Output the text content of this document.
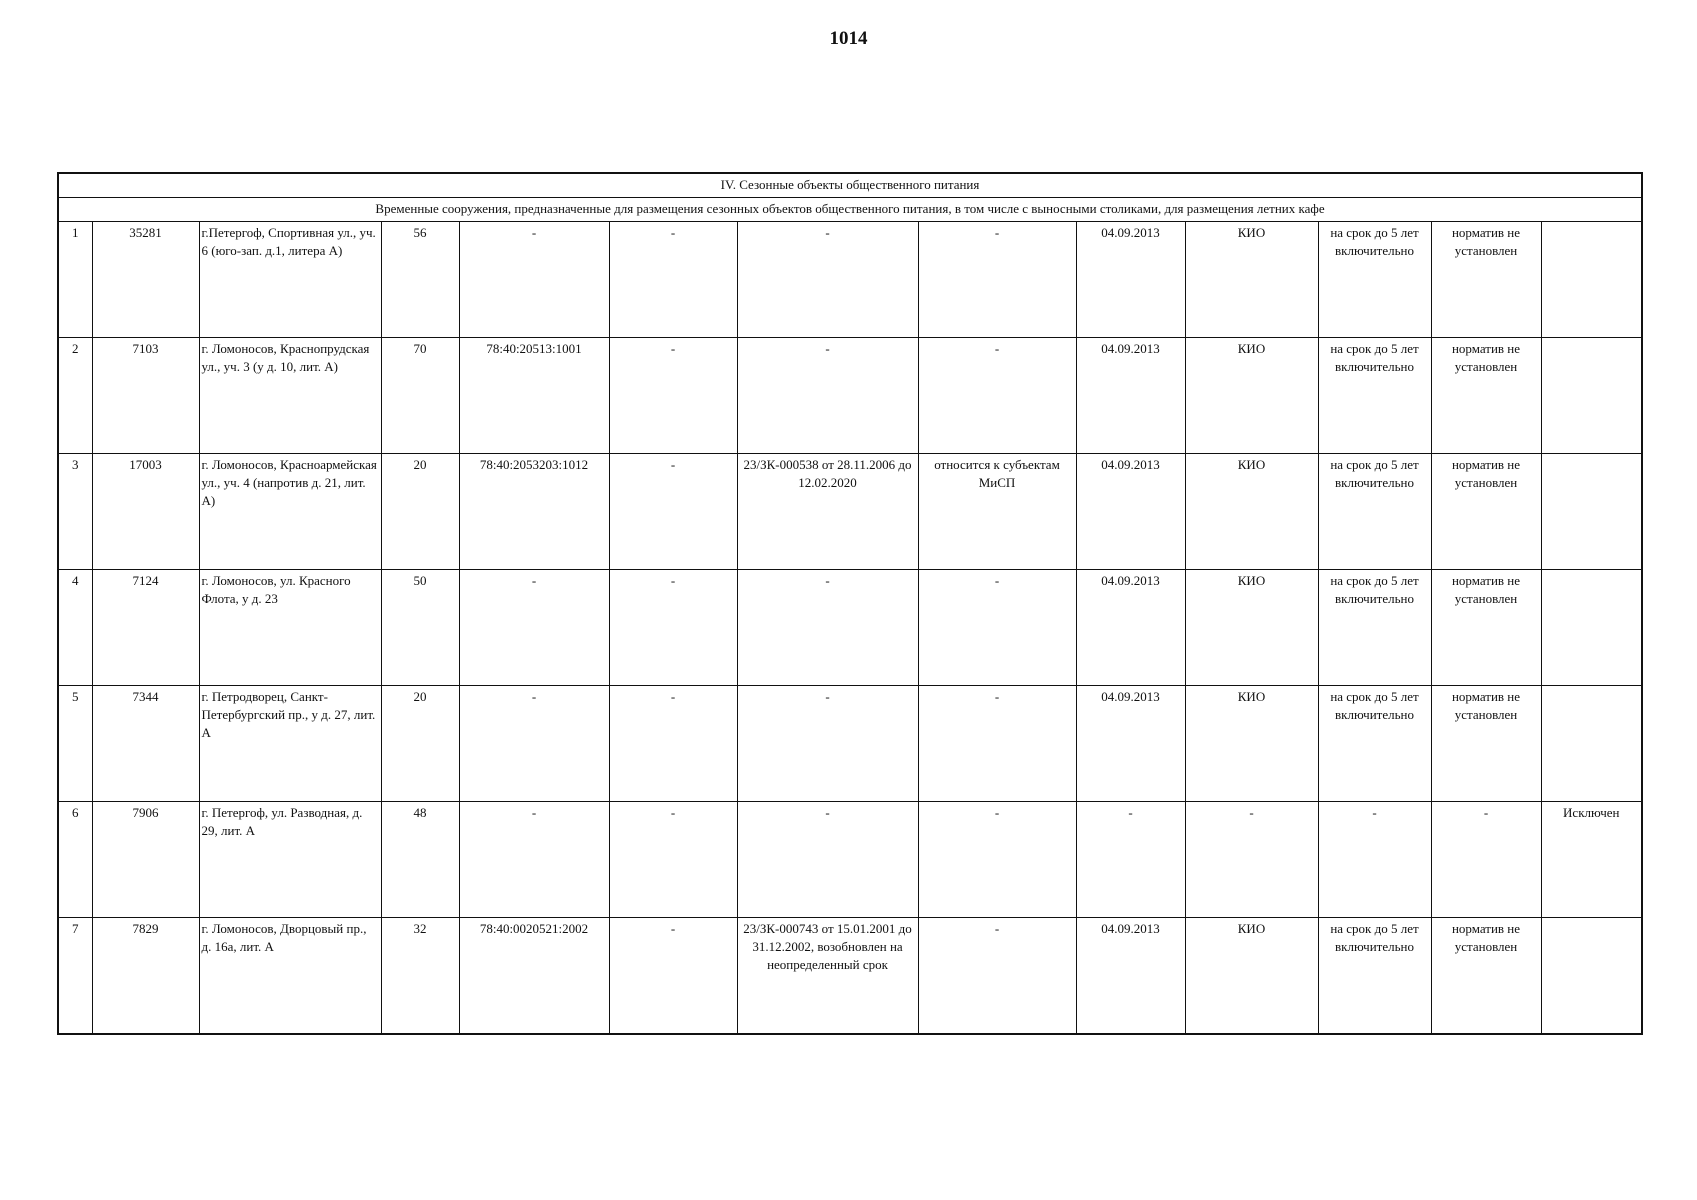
1014
IV. Сезонные объекты общественного питания												
Временные сооружения, предназначенные для размещения сезонных объектов общественного питания, в том числе с выносными столиками, для размещения летних кафе												
1	35281	г.Петергоф, Спортивная ул., уч. 6 (юго-зап. д.1, литера А)	56	-	-	-	-	04.09.2013	КИО	на срок до 5 лет включительно	норматив не установлен	
2	7103	г. Ломоносов, Краснопрудская ул., уч. 3 (у д. 10, лит. А)	70	78:40:20513:1001	-	-	-	04.09.2013	КИО	на срок до 5 лет включительно	норматив не установлен	
3	17003	г. Ломоносов, Красноармейская ул., уч. 4 (напротив д. 21, лит. А)	20	78:40:2053203:1012	-	23/ЗК-000538 от 28.11.2006 до 12.02.2020	относится к субъектам МиСП	04.09.2013	КИО	на срок до 5 лет включительно	норматив не установлен	
4	7124	г. Ломоносов, ул. Красного Флота, у д. 23	50	-	-	-	-	04.09.2013	КИО	на срок до 5 лет включительно	норматив не установлен	
5	7344	г. Петродворец, Санкт-Петербургский пр., у д. 27, лит. А	20	-	-	-	-	04.09.2013	КИО	на срок до 5 лет включительно	норматив не установлен	
6	7906	г. Петергоф, ул. Разводная, д. 29, лит. А	48	-	-	-	-	-	-	-	-	Исключен
7	7829	г. Ломоносов, Дворцовый пр., д. 16а, лит. А	32	78:40:0020521:2002	-	23/ЗК-000743 от 15.01.2001 до 31.12.2002, возобновлен на неопределенный срок	-	04.09.2013	КИО	на срок до 5 лет включительно	норматив не установлен	
